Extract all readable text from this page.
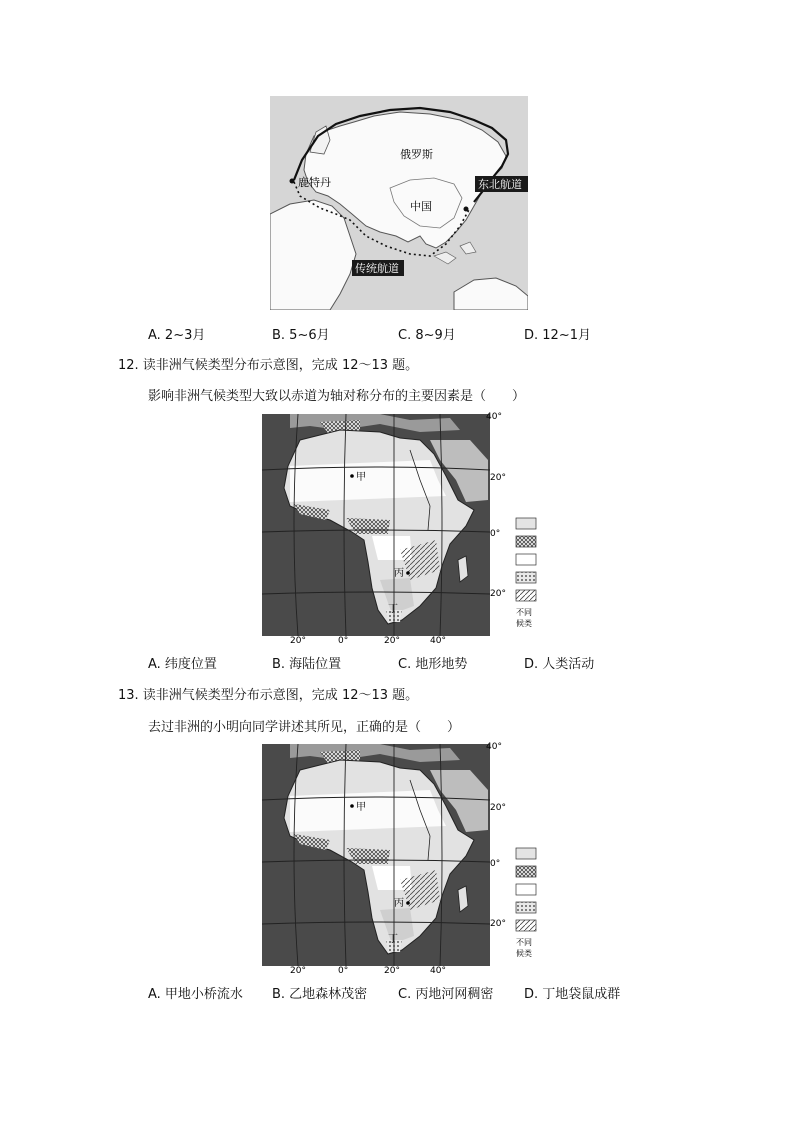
俄罗斯
鹿特丹
中国
东北航道
传统航道
A. 2~3月	B. 5~6月	C. 8~9月	D. 12~1月
12. 读非洲气候类型分布示意图，完成 12～13 题。
影响非洲气候类型大致以赤道为轴对称分布的主要因素是（　　）
甲
丙
丁
40°
20°
0°
20°
20°	0°	20°	40°
不同
候类
A. 纬度位置	B. 海陆位置	C. 地形地势	D. 人类活动
13. 读非洲气候类型分布示意图，完成 12～13 题。
去过非洲的小明向同学讲述其所见，正确的是（　　）
甲
丙
丁
40°
20°
0°
20°
20°	0°	20°	40°
不同
候类
A. 甲地小桥流水 B. 乙地森林茂密 C. 丙地河网稠密 D. 丁地袋鼠成群
